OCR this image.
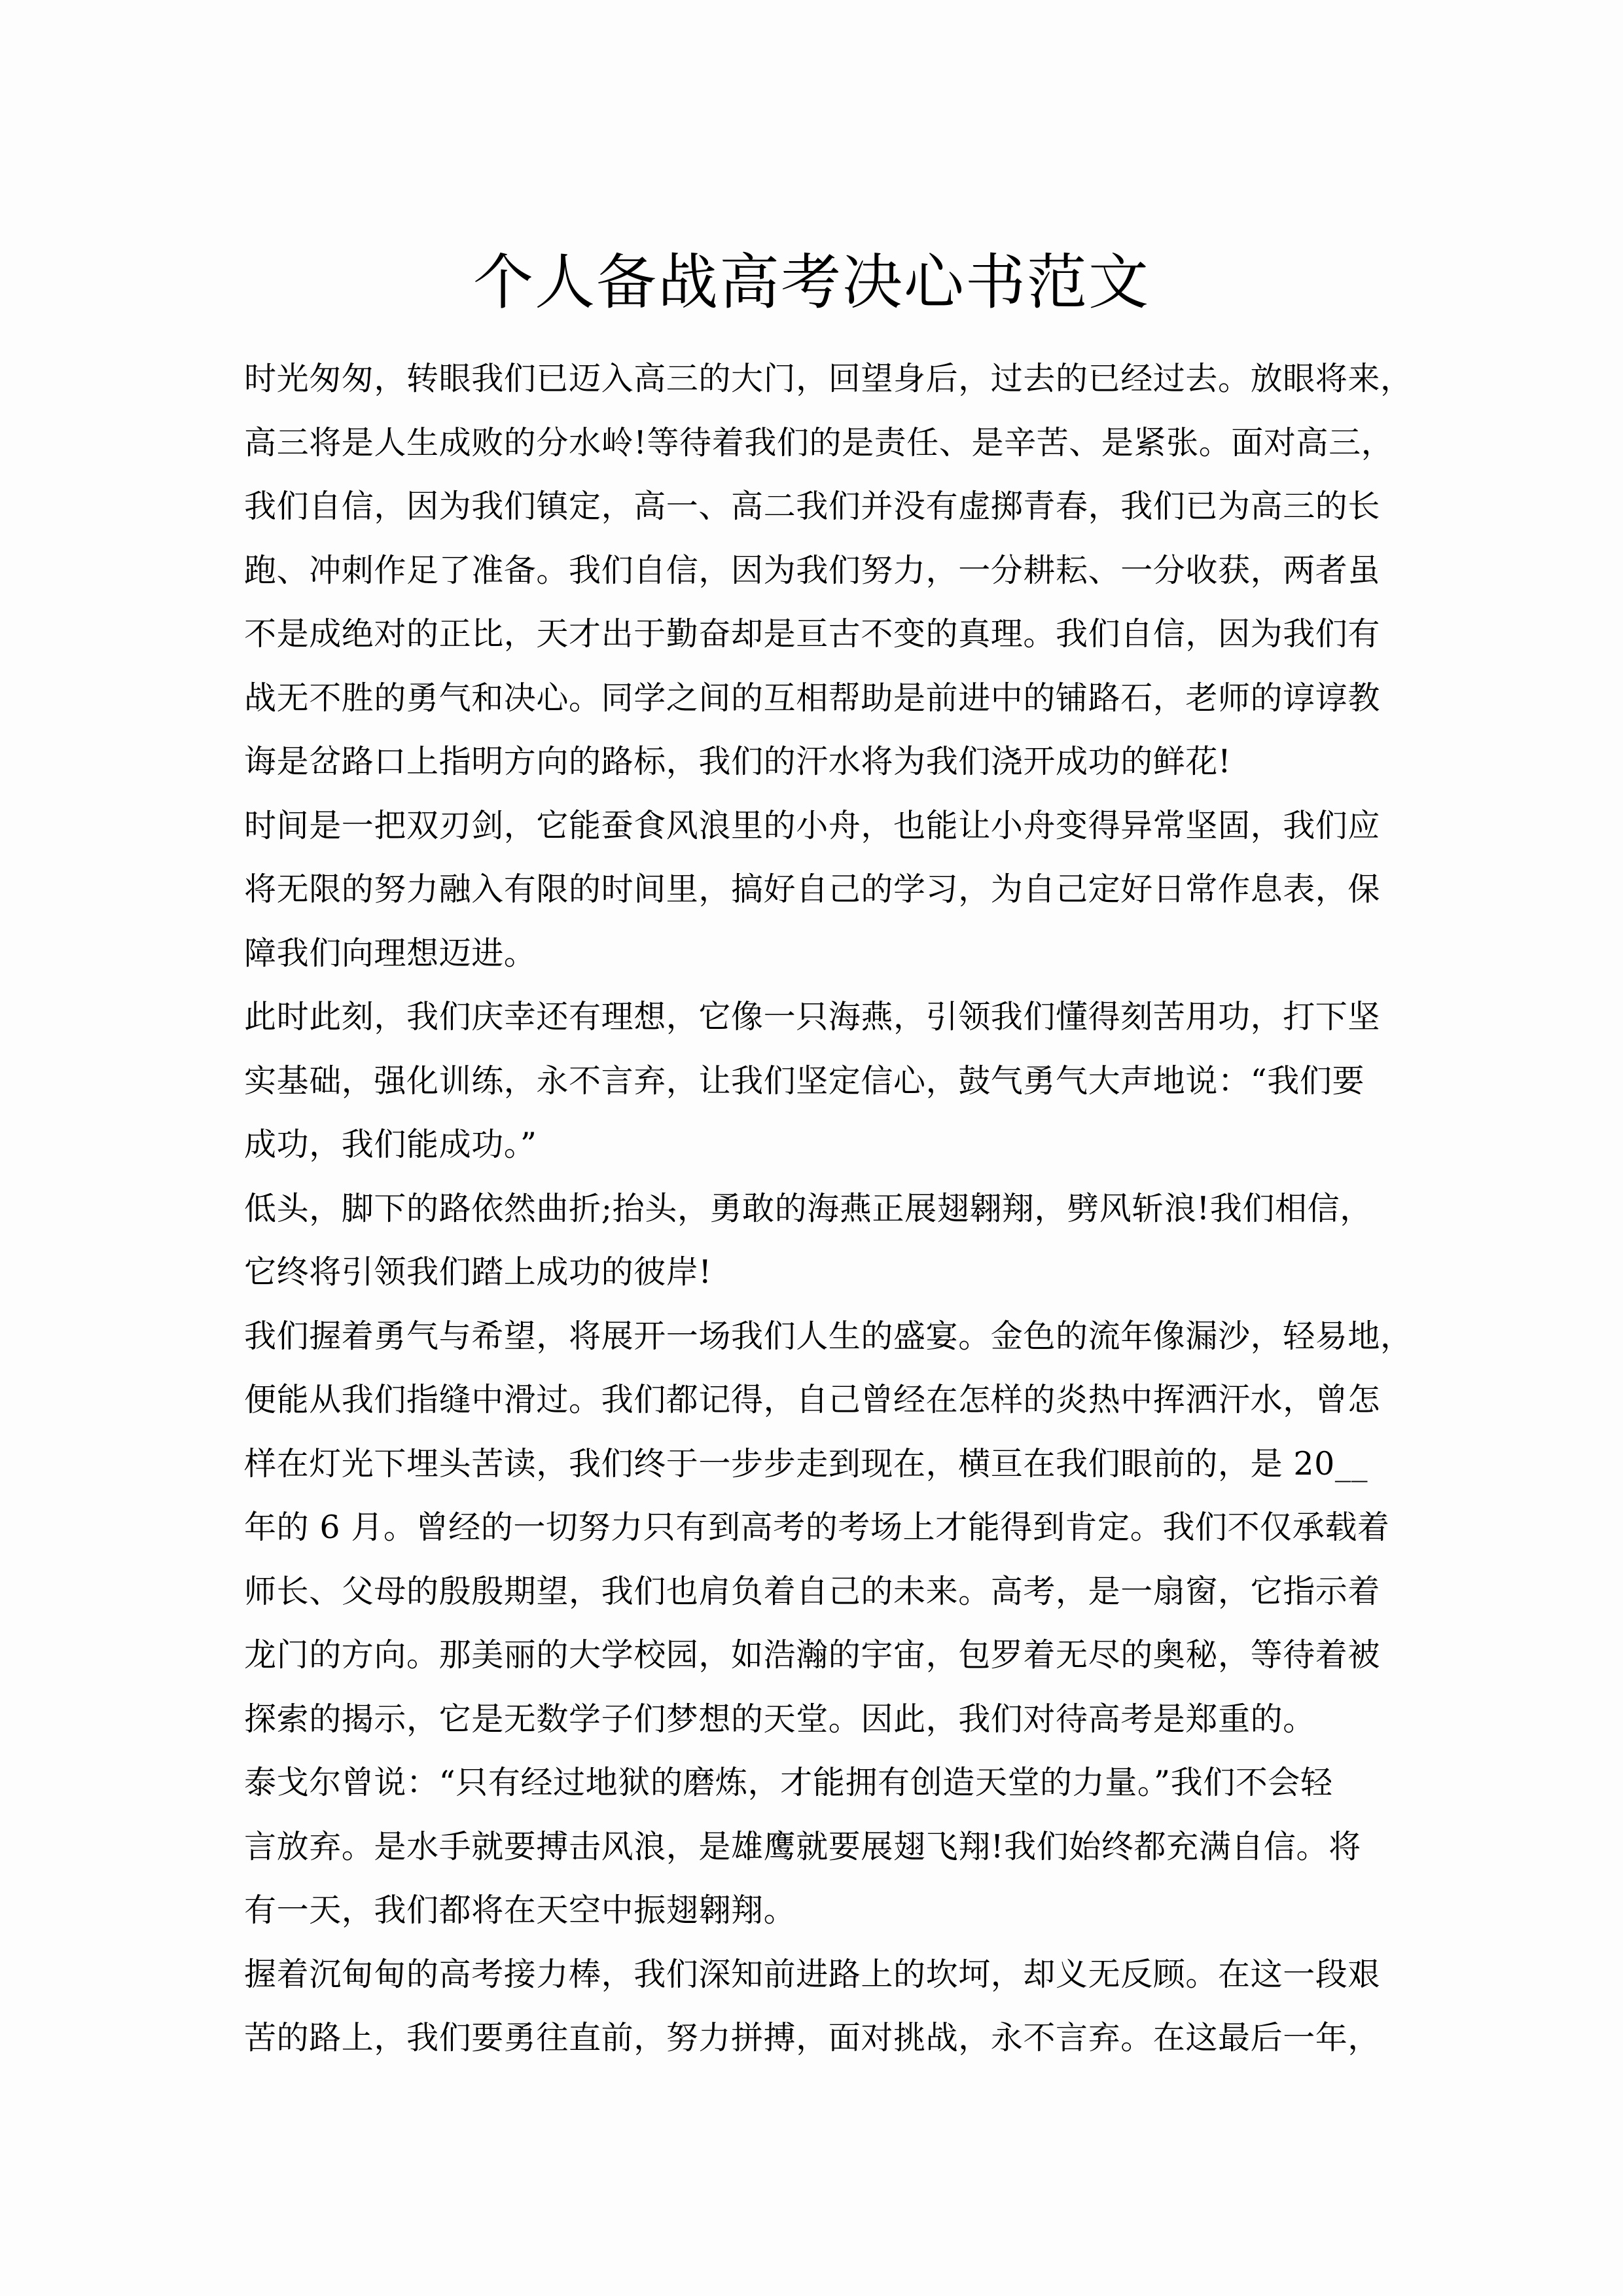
个人备战高考决心书范文
时光匆匆，转眼我们已迈入高三的大门，回望身后，过去的已经过去。放眼将来，
高三将是人生成败的分水岭!等待着我们的是责任、是辛苦、是紧张。面对高三，
我们自信，因为我们镇定，高一、高二我们并没有虚掷青春，我们已为高三的长
跑、冲刺作足了准备。我们自信，因为我们努力，一分耕耘、一分收获，两者虽
不是成绝对的正比，天才出于勤奋却是亘古不变的真理。我们自信，因为我们有
战无不胜的勇气和决心。同学之间的互相帮助是前进中的铺路石，老师的谆谆教
诲是岔路口上指明方向的路标，我们的汗水将为我们浇开成功的鲜花!
时间是一把双刃剑，它能蚕食风浪里的小舟，也能让小舟变得异常坚固，我们应
将无限的努力融入有限的时间里，搞好自己的学习，为自己定好日常作息表，保
障我们向理想迈进。
此时此刻，我们庆幸还有理想，它像一只海燕，引领我们懂得刻苦用功，打下坚
实基础，强化训练，永不言弃，让我们坚定信心，鼓气勇气大声地说：“我们要
成功，我们能成功。”
低头，脚下的路依然曲折;抬头，勇敢的海燕正展翅翱翔，劈风斩浪!我们相信，
它终将引领我们踏上成功的彼岸!
我们握着勇气与希望，将展开一场我们人生的盛宴。金色的流年像漏沙，轻易地，
便能从我们指缝中滑过。我们都记得，自己曾经在怎样的炎热中挥洒汗水，曾怎
样在灯光下埋头苦读，我们终于一步步走到现在，横亘在我们眼前的，是 20__
年的 6 月。曾经的一切努力只有到高考的考场上才能得到肯定。我们不仅承载着
师长、父母的殷殷期望，我们也肩负着自己的未来。高考，是一扇窗，它指示着
龙门的方向。那美丽的大学校园，如浩瀚的宇宙，包罗着无尽的奥秘，等待着被
探索的揭示，它是无数学子们梦想的天堂。因此，我们对待高考是郑重的。
泰戈尔曾说：“只有经过地狱的磨炼，才能拥有创造天堂的力量。”我们不会轻
言放弃。是水手就要搏击风浪，是雄鹰就要展翅飞翔!我们始终都充满自信。将
有一天，我们都将在天空中振翅翱翔。
握着沉甸甸的高考接力棒，我们深知前进路上的坎坷，却义无反顾。在这一段艰
苦的路上，我们要勇往直前，努力拼搏，面对挑战，永不言弃。在这最后一年，
